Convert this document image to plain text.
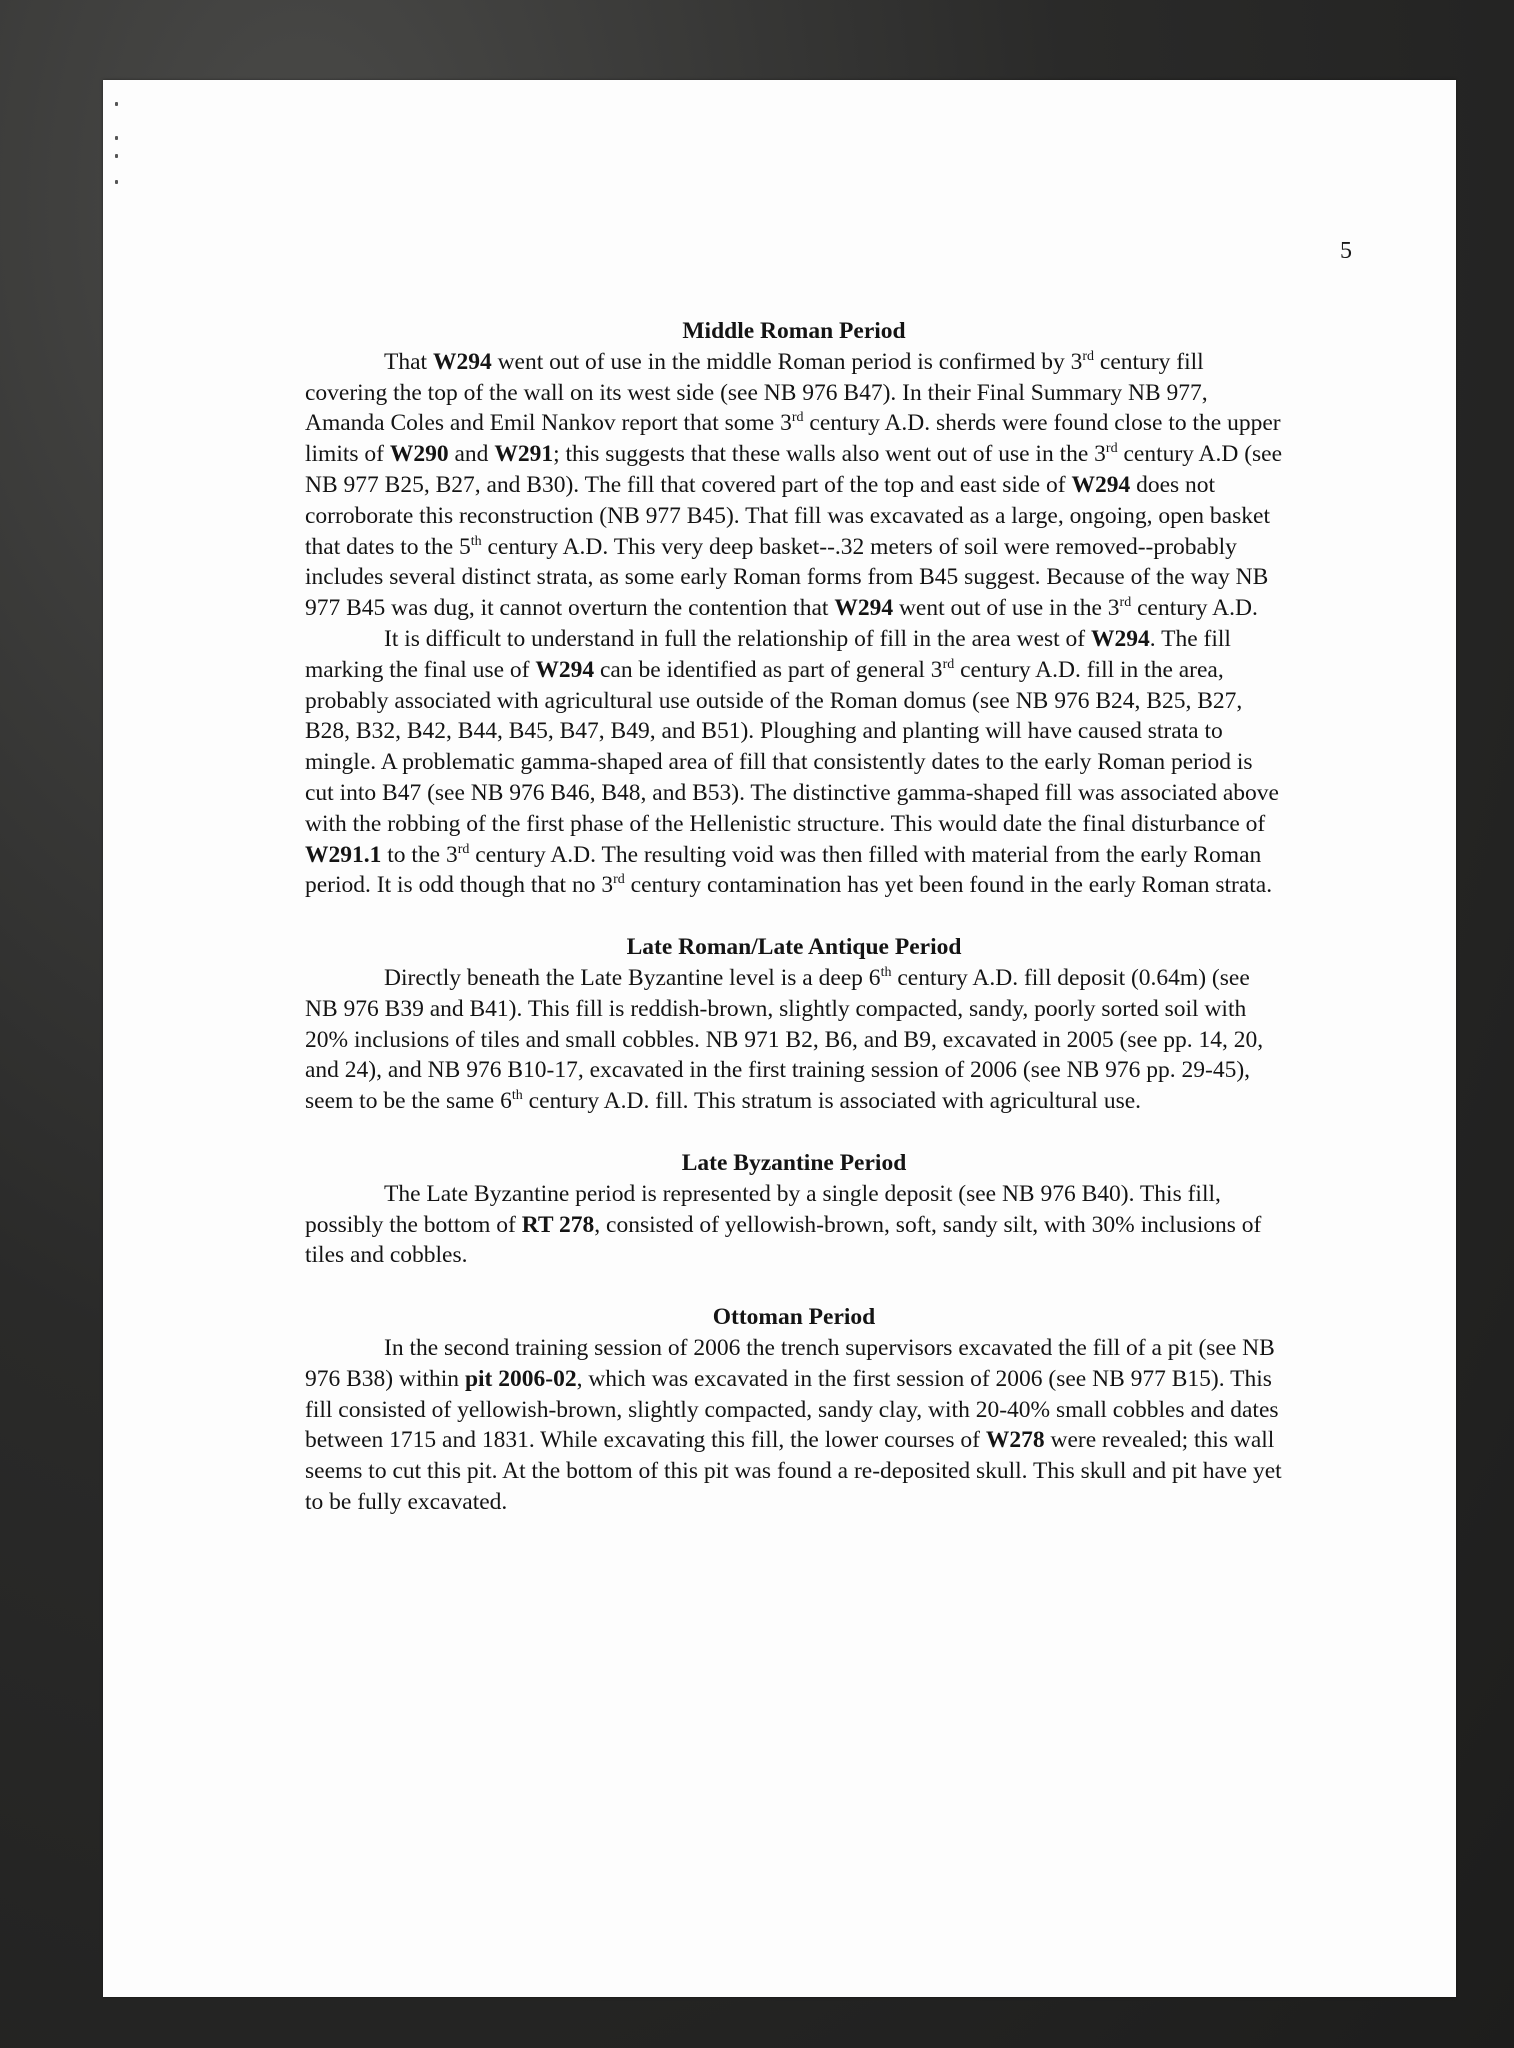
5
Middle Roman Period

That W294 went out of use in the middle Roman period is confirmed by 3rd century fill covering the top of the wall on its west side (see NB 976 B47). In their Final Summary NB 977, Amanda Coles and Emil Nankov report that some 3rd century A.D. sherds were found close to the upper limits of W290 and W291; this suggests that these walls also went out of use in the 3rd century A.D (see NB 977 B25, B27, and B30). The fill that covered part of the top and east side of W294 does not corroborate this reconstruction (NB 977 B45). That fill was excavated as a large, ongoing, open basket that dates to the 5th century A.D. This very deep basket--.32 meters of soil were removed--probably includes several distinct strata, as some early Roman forms from B45 suggest. Because of the way NB 977 B45 was dug, it cannot overturn the contention that W294 went out of use in the 3rd century A.D.

It is difficult to understand in full the relationship of fill in the area west of W294. The fill marking the final use of W294 can be identified as part of general 3rd century A.D. fill in the area, probably associated with agricultural use outside of the Roman domus (see NB 976 B24, B25, B27, B28, B32, B42, B44, B45, B47, B49, and B51). Ploughing and planting will have caused strata to mingle. A problematic gamma-shaped area of fill that consistently dates to the early Roman period is cut into B47 (see NB 976 B46, B48, and B53). The distinctive gamma-shaped fill was associated above with the robbing of the first phase of the Hellenistic structure. This would date the final disturbance of W291.1 to the 3rd century A.D. The resulting void was then filled with material from the early Roman period. It is odd though that no 3rd century contamination has yet been found in the early Roman strata.

Late Roman/Late Antique Period

Directly beneath the Late Byzantine level is a deep 6th century A.D. fill deposit (0.64m) (see NB 976 B39 and B41). This fill is reddish-brown, slightly compacted, sandy, poorly sorted soil with 20% inclusions of tiles and small cobbles. NB 971 B2, B6, and B9, excavated in 2005 (see pp. 14, 20, and 24), and NB 976 B10-17, excavated in the first training session of 2006 (see NB 976 pp. 29-45), seem to be the same 6th century A.D. fill. This stratum is associated with agricultural use.

Late Byzantine Period

The Late Byzantine period is represented by a single deposit (see NB 976 B40). This fill, possibly the bottom of RT 278, consisted of yellowish-brown, soft, sandy silt, with 30% inclusions of tiles and cobbles.

Ottoman Period

In the second training session of 2006 the trench supervisors excavated the fill of a pit (see NB 976 B38) within pit 2006-02, which was excavated in the first session of 2006 (see NB 977 B15). This fill consisted of yellowish-brown, slightly compacted, sandy clay, with 20-40% small cobbles and dates between 1715 and 1831. While excavating this fill, the lower courses of W278 were revealed; this wall seems to cut this pit. At the bottom of this pit was found a re-deposited skull. This skull and pit have yet to be fully excavated.
